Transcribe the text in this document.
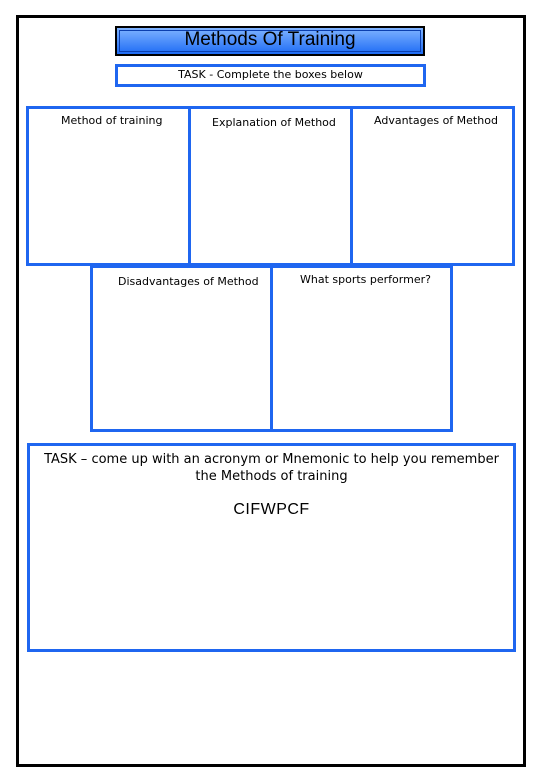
Methods Of Training
TASK - Complete the boxes below
Method of training	Explanation of Method	Advantages of Method
Disadvantages of Method	What sports performer?
TASK – come up with an acronym or Mnemonic to help you remember
the Methods of training
CIFWPCF
